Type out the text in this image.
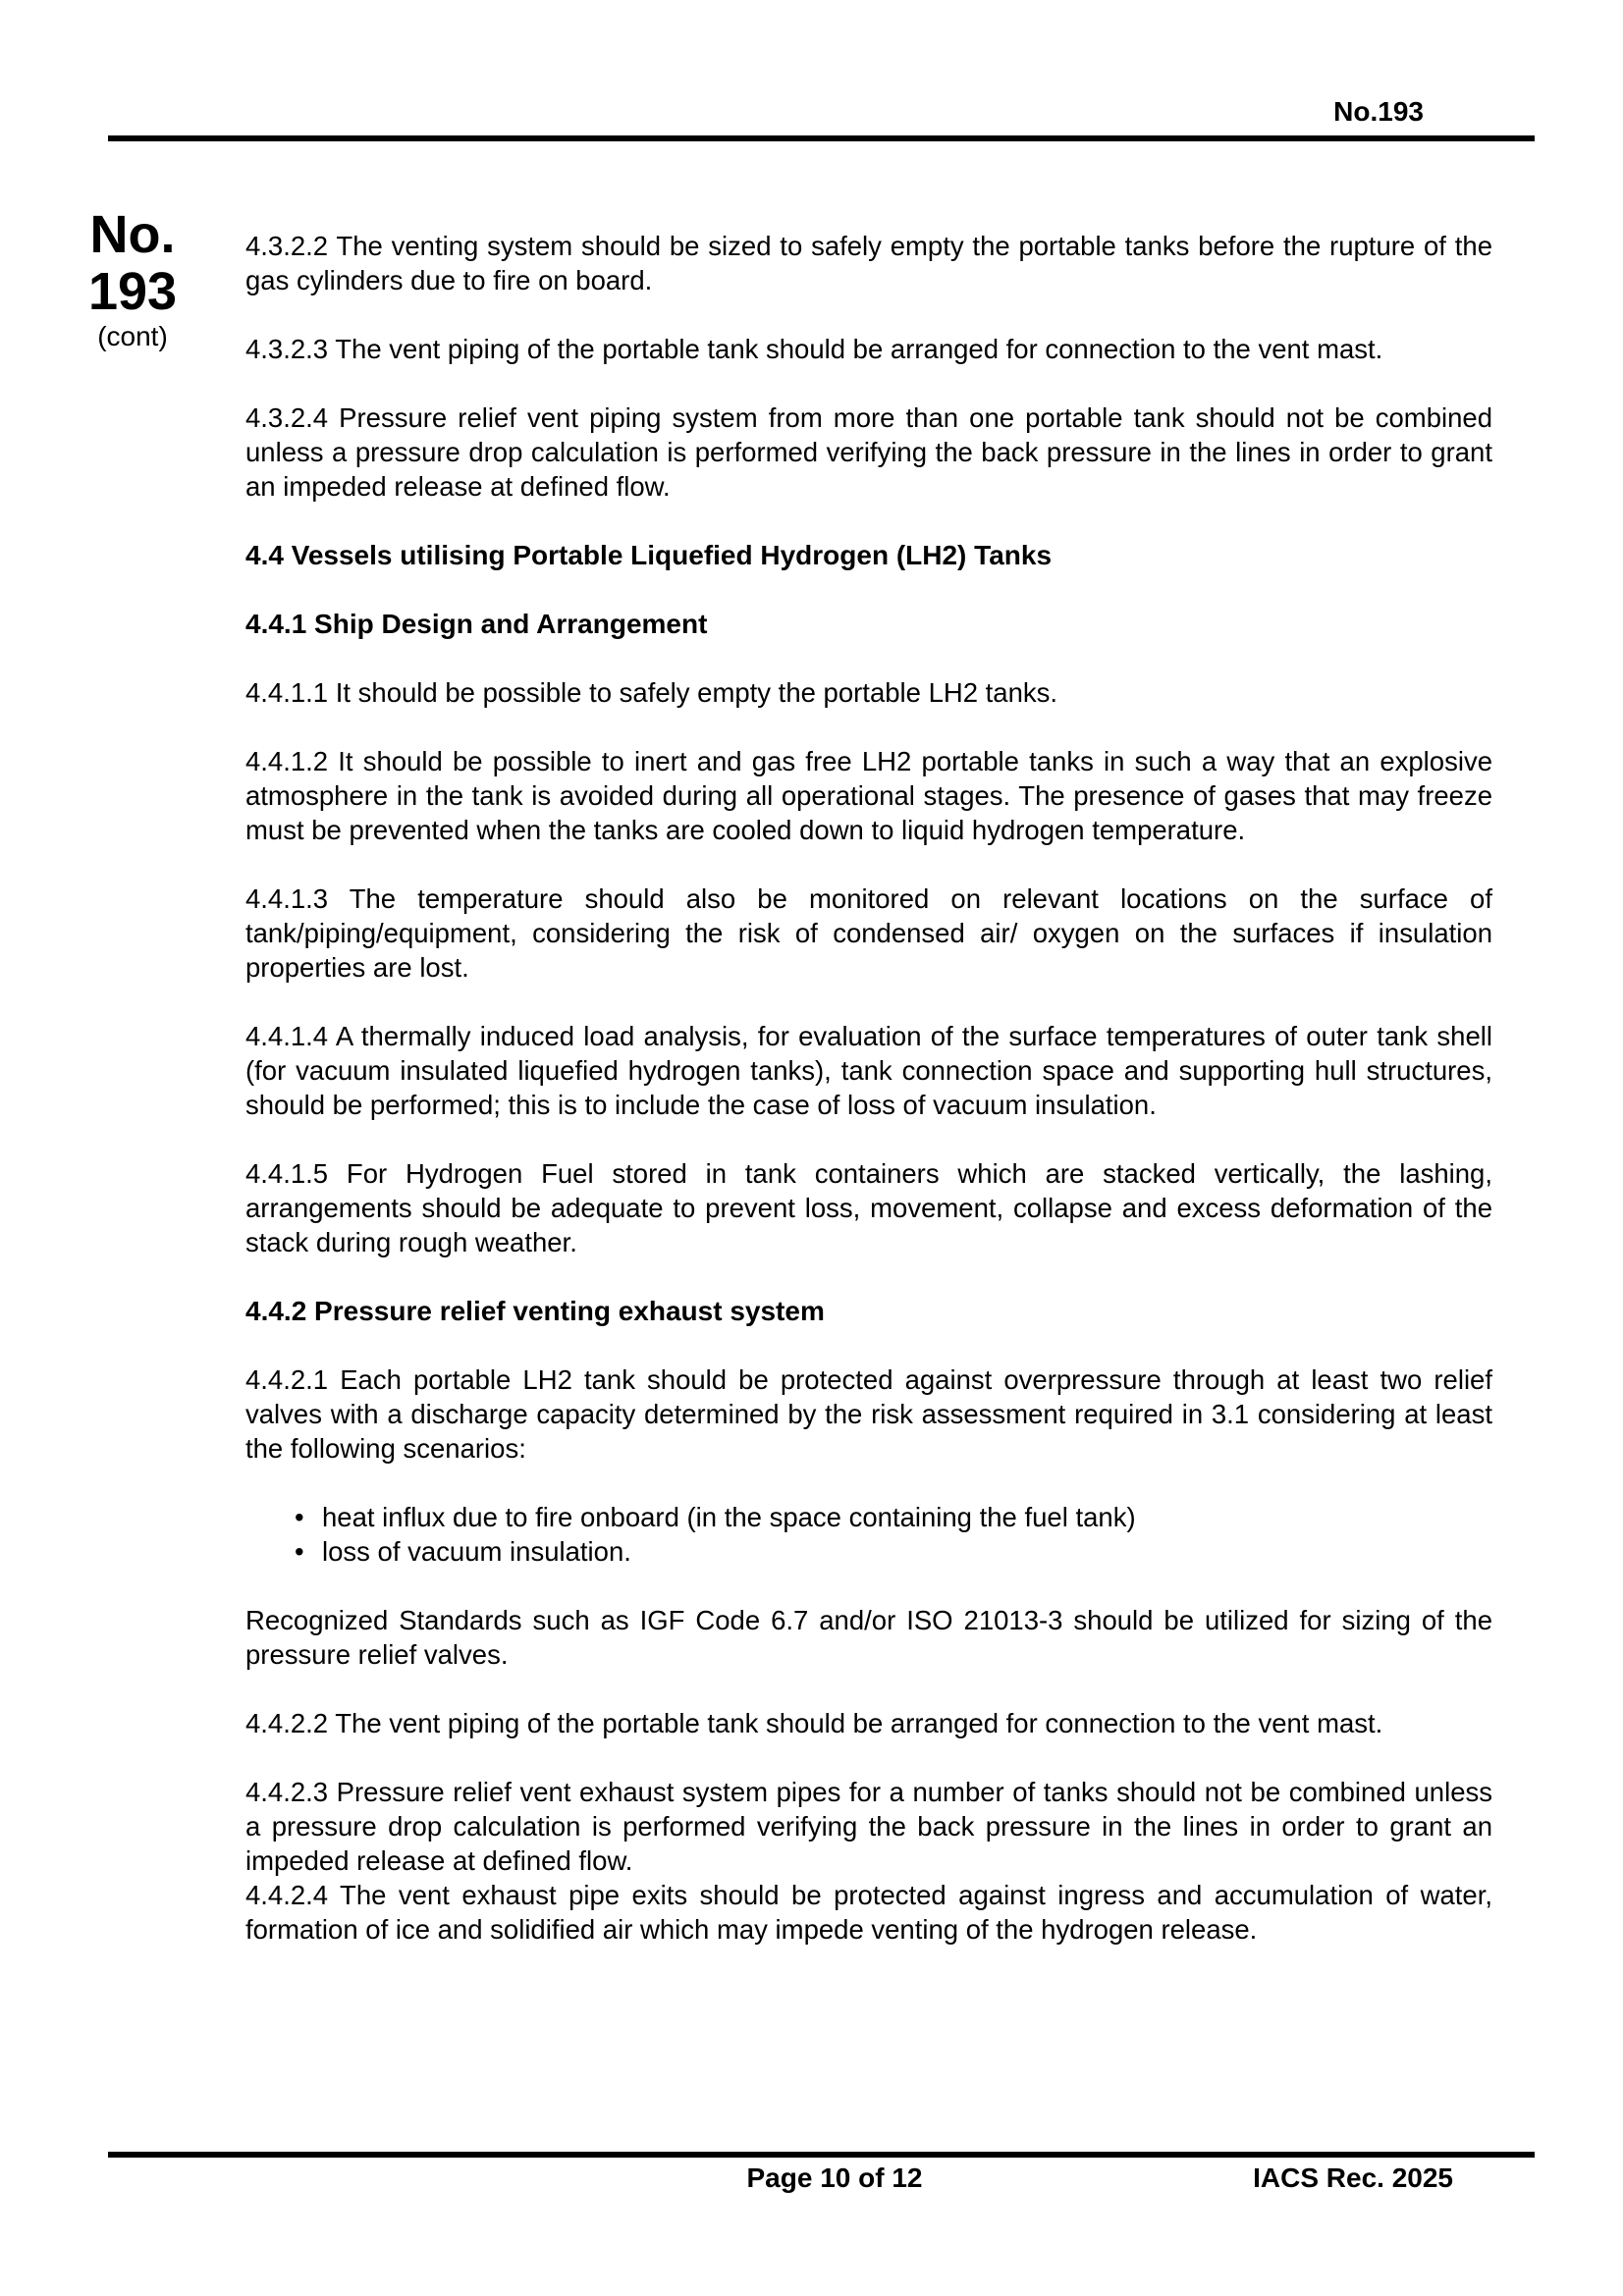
No.193
No.
193
(cont)

4.3.2.2 The venting system should be sized to safely empty the portable tanks before the rupture of the gas cylinders due to fire on board.

4.3.2.3 The vent piping of the portable tank should be arranged for connection to the vent mast.

4.3.2.4 Pressure relief vent piping system from more than one portable tank should not be combined unless a pressure drop calculation is performed verifying the back pressure in the lines in order to grant an impeded release at defined flow.

4.4 Vessels utilising Portable Liquefied Hydrogen (LH2) Tanks
4.4.1 Ship Design and Arrangement

4.4.1.1 It should be possible to safely empty the portable LH2 tanks.

4.4.1.2 It should be possible to inert and gas free LH2 portable tanks in such a way that an explosive atmosphere in the tank is avoided during all operational stages. The presence of gases that may freeze must be prevented when the tanks are cooled down to liquid hydrogen temperature.

4.4.1.3 The temperature should also be monitored on relevant locations on the surface of tank/piping/equipment, considering the risk of condensed air/ oxygen on the surfaces if insulation properties are lost.

4.4.1.4 A thermally induced load analysis, for evaluation of the surface temperatures of outer tank shell (for vacuum insulated liquefied hydrogen tanks), tank connection space and supporting hull structures, should be performed; this is to include the case of loss of vacuum insulation.

4.4.1.5 For Hydrogen Fuel stored in tank containers which are stacked vertically, the lashing, arrangements should be adequate to prevent loss, movement, collapse and excess deformation of the stack during rough weather.

4.4.2 Pressure relief venting exhaust system

4.4.2.1 Each portable LH2 tank should be protected against overpressure through at least two relief valves with a discharge capacity determined by the risk assessment required in 3.1 considering at least the following scenarios:

• heat influx due to fire onboard (in the space containing the fuel tank)
• loss of vacuum insulation.

Recognized Standards such as IGF Code 6.7 and/or ISO 21013-3 should be utilized for sizing of the pressure relief valves.

4.4.2.2 The vent piping of the portable tank should be arranged for connection to the vent mast.

4.4.2.3 Pressure relief vent exhaust system pipes for a number of tanks should not be combined unless a pressure drop calculation is performed verifying the back pressure in the lines in order to grant an impeded release at defined flow.

4.4.2.4 The vent exhaust pipe exits should be protected against ingress and accumulation of water, formation of ice and solidified air which may impede venting of the hydrogen release.

Page 10 of 12	IACS Rec. 2025
